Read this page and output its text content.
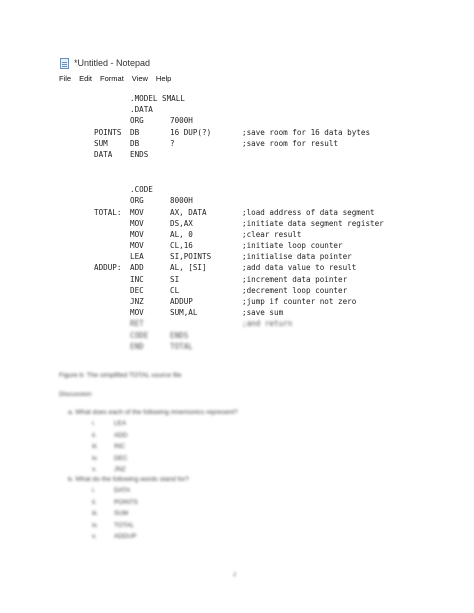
*Untitled - Notepad
File Edit Format View Help
.MODEL SMALL
.DATA
ORG	7000H
POINTS DB	16 DUP(?)	;save room for 16 data bytes
SUM	DB	?	;save room for result
DATA ENDS
.CODE
ORG	8000H
TOTAL: MOV	AX, DATA	;load address of data segment
MOV	DS,AX	;initiate data segment register
MOV	AL, 0	;clear result
MOV	CL,16	;initiate loop counter
LEA	SI,POINTS	;initialise data pointer
ADDUP: ADD	AL, [SI]	;add data value to result
INC	SI	;increment data pointer
DEC	CL	;decrement loop counter
JNZ	ADDUP	;jump if counter not zero
MOV	SUM,AL	;save sum
RET	;and return
CODE	ENDS
END	TOTAL
Figure b: The simplified TOTAL source file
Discussion:
a. What does each of the following mnemonics represent?
i.	LEA
ii.	ADD
iii. INC
iv.	DEC
v.	JNZ
b. What do the following words stand for?
i.	DATA
ii.	POINTS
iii. SUM
iv.	TOTAL
v.	ADDUP
2
